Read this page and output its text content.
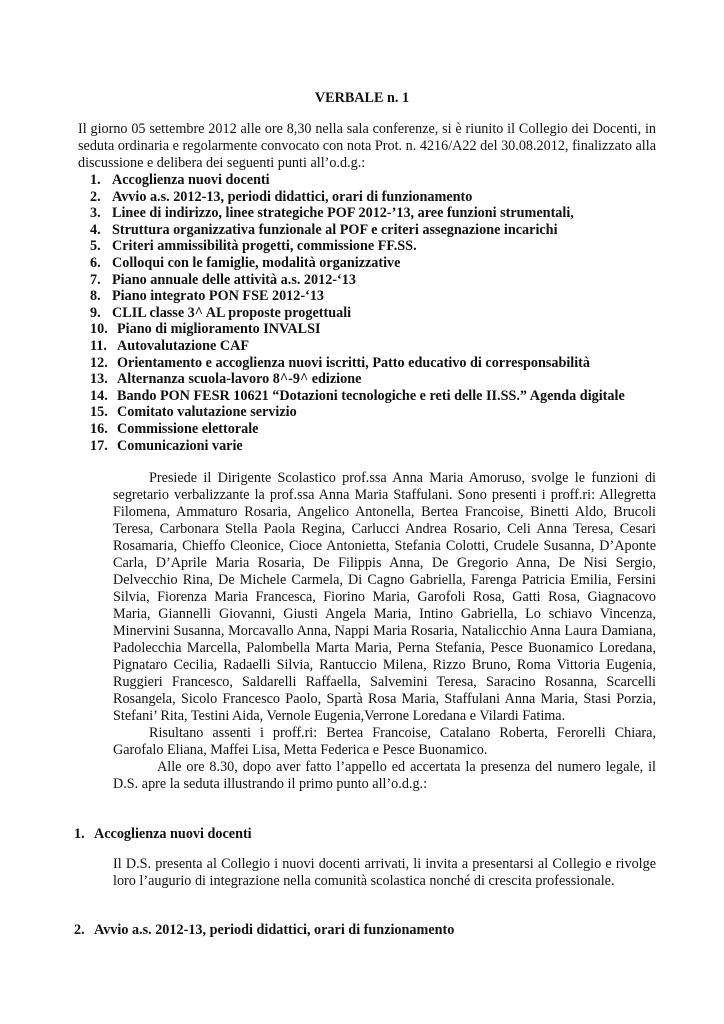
VERBALE n. 1

Il giorno 05 settembre 2012 alle ore 8,30 nella sala conferenze, si è riunito il Collegio dei Docenti, in seduta ordinaria e regolarmente convocato con nota Prot. n. 4216/A22 del 30.08.2012, finalizzato alla discussione e delibera dei seguenti punti all’o.d.g.:

1. Accoglienza nuovi docenti
2. Avvio a.s. 2012-13, periodi didattici, orari di funzionamento
3. Linee di indirizzo, linee strategiche POF 2012-’13, aree funzioni strumentali,
4. Struttura organizzativa funzionale al POF e criteri assegnazione incarichi
5. Criteri ammissibilità progetti, commissione FF.SS.
6. Colloqui con le famiglie, modalità organizzative
7. Piano annuale delle attività a.s. 2012-‘13
8. Piano integrato PON FSE 2012-‘13
9. CLIL classe 3^ AL proposte progettuali
10. Piano di miglioramento INVALSI
11. Autovalutazione CAF
12. Orientamento e accoglienza nuovi iscritti, Patto educativo di corresponsabilità
13. Alternanza scuola-lavoro 8^-9^ edizione
14. Bando PON FESR 10621 “Dotazioni tecnologiche e reti delle II.SS.” Agenda digitale
15. Comitato valutazione servizio
16. Commissione elettorale
17. Comunicazioni varie

Presiede il Dirigente Scolastico prof.ssa Anna Maria Amoruso, svolge le funzioni di segretario verbalizzante la prof.ssa Anna Maria Staffulani. Sono presenti i proff.ri: Allegretta Filomena, Ammaturo Rosaria, Angelico Antonella, Bertea Francoise, Binetti Aldo, Brucoli Teresa, Carbonara Stella Paola Regina, Carlucci Andrea Rosario, Celi Anna Teresa, Cesari Rosamaria, Chieffo Cleonice, Cioce Antonietta, Stefania Colotti, Crudele Susanna, D’Aponte Carla, D’Aprile Maria Rosaria, De Filippis Anna, De Gregorio Anna, De Nisi Sergio, Delvecchio Rina, De Michele Carmela, Di Cagno Gabriella, Farenga Patricia Emilia, Fersini Silvia, Fiorenza Maria Francesca, Fiorino Maria, Garofoli Rosa, Gatti Rosa, Giagnacovo Maria, Giannelli Giovanni, Giusti Angela Maria, Intino Gabriella, Lo schiavo Vincenza, Minervini Susanna, Morcavallo Anna, Nappi Maria Rosaria, Natalicchio Anna Laura Damiana, Padolecchia Marcella, Palombella Marta Maria, Perna Stefania, Pesce Buonamico Loredana, Pignataro Cecilia, Radaelli Silvia, Rantuccio Milena, Rizzo Bruno, Roma Vittoria Eugenia, Ruggieri Francesco, Saldarelli Raffaella, Salvemini Teresa, Saracino Rosanna, Scarcelli Rosangela, Sicolo Francesco Paolo, Spartà Rosa Maria, Staffulani Anna Maria, Stasi Porzia, Stefani’ Rita, Testini Aida, Vernole Eugenia,Verrone Loredana e Vilardi Fatima.

Risultano assenti i proff.ri: Bertea Francoise, Catalano Roberta, Ferorelli Chiara, Garofalo Eliana, Maffei Lisa, Metta Federica e Pesce Buonamico.

Alle ore 8.30, dopo aver fatto l’appello ed accertata la presenza del numero legale, il D.S. apre la seduta illustrando il primo punto all’o.d.g.:

1. Accoglienza nuovi docenti

Il D.S. presenta al Collegio i nuovi docenti arrivati, li invita a presentarsi al Collegio e rivolge loro l’augurio di integrazione nella comunità scolastica nonché di crescita professionale.

2. Avvio a.s. 2012-13, periodi didattici, orari di funzionamento
